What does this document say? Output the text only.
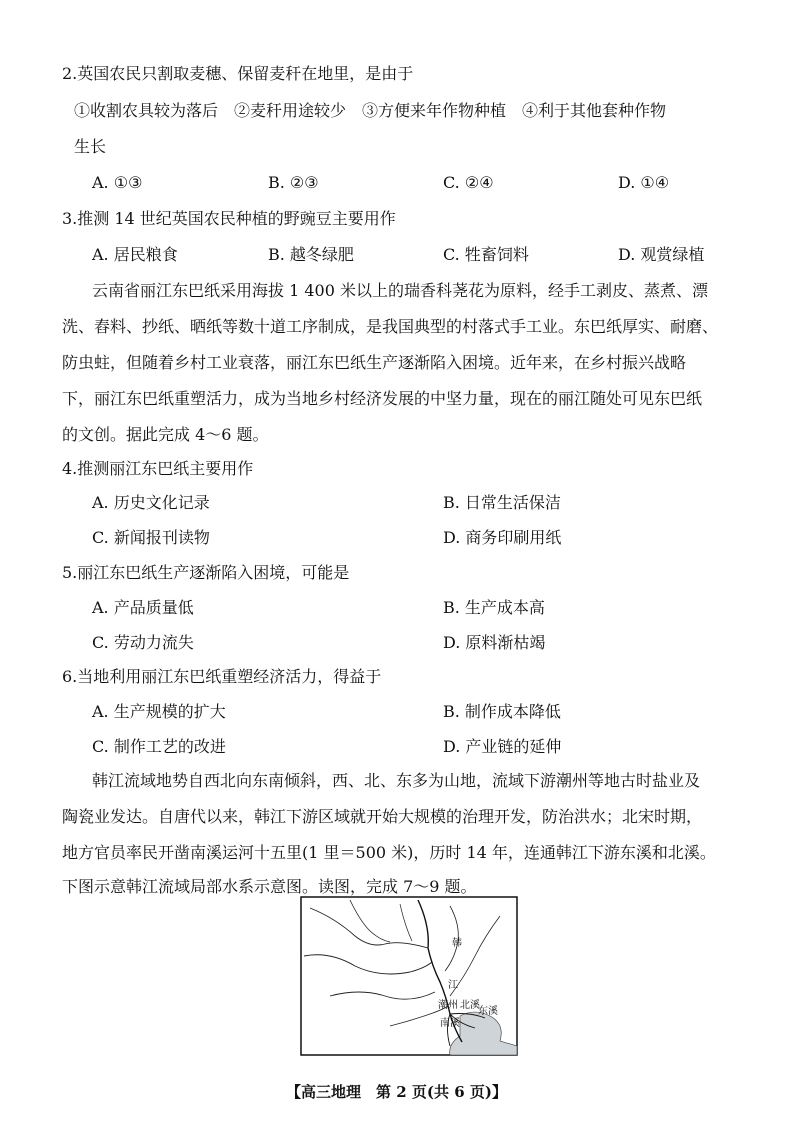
2.英国农民只割取麦穗、保留麦秆在地里，是由于
①收割农具较为落后　②麦秆用途较少　③方便来年作物种植　④利于其他套种作物
生长
A. ①③	B. ②③	C. ②④	D. ①④
3.推测 14 世纪英国农民种植的野豌豆主要用作
A. 居民粮食	B. 越冬绿肥	C. 牲畜饲料	D. 观赏绿植
云南省丽江东巴纸采用海拔 1 400 米以上的瑞香科荛花为原料，经手工剥皮、蒸煮、漂
洗、舂料、抄纸、晒纸等数十道工序制成，是我国典型的村落式手工业。东巴纸厚实、耐磨、
防虫蛀，但随着乡村工业衰落，丽江东巴纸生产逐渐陷入困境。近年来，在乡村振兴战略
下，丽江东巴纸重塑活力，成为当地乡村经济发展的中坚力量，现在的丽江随处可见东巴纸
的文创。据此完成 4～6 题。
4.推测丽江东巴纸主要用作
A. 历史文化记录	B. 日常生活保洁
C. 新闻报刊读物	D. 商务印刷用纸
5.丽江东巴纸生产逐渐陷入困境，可能是
A. 产品质量低	B. 生产成本高
C. 劳动力流失	D. 原料渐枯竭
6.当地利用丽江东巴纸重塑经济活力，得益于
A. 生产规模的扩大	B. 制作成本降低
C. 制作工艺的改进	D. 产业链的延伸
韩江流域地势自西北向东南倾斜，西、北、东多为山地，流域下游潮州等地古时盐业及
陶瓷业发达。自唐代以来，韩江下游区域就开始大规模的治理开发，防治洪水；北宋时期，
地方官员率民开凿南溪运河十五里(1 里＝500 米)，历时 14 年，连通韩江下游东溪和北溪。
下图示意韩江流域局部水系示意图。读图，完成 7～9 题。
韩
江
潮州 北溪
东溪
南溪
【高三地理　第 2 页(共 6 页)】
